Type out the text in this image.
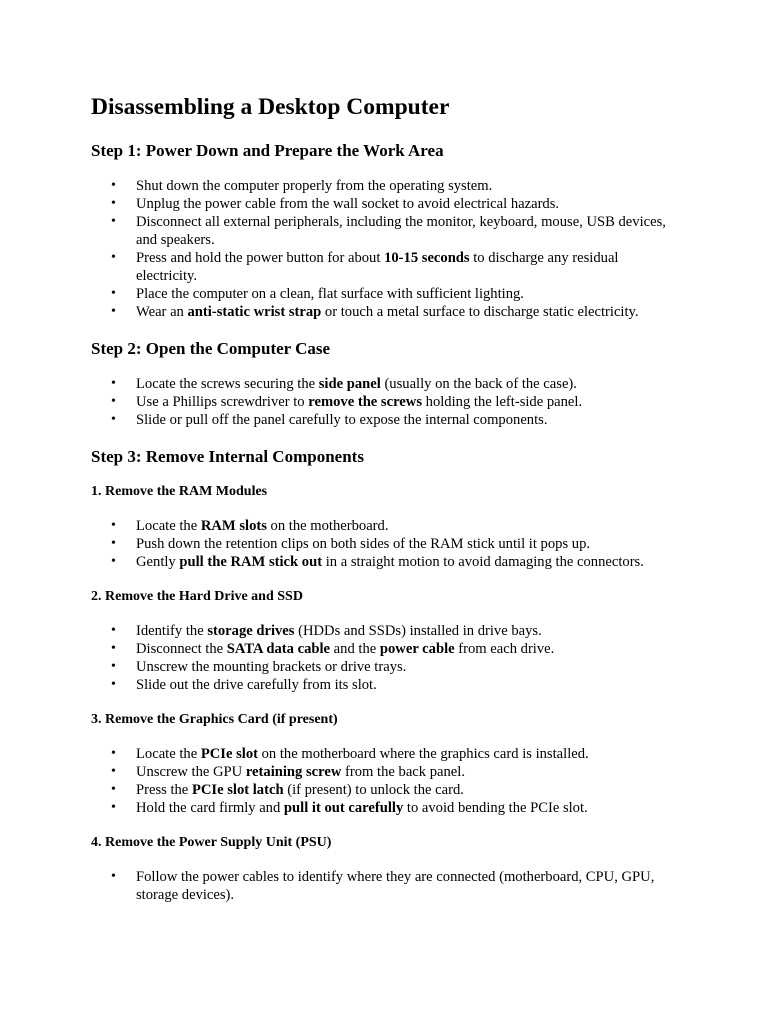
Disassembling a Desktop Computer
Step 1: Power Down and Prepare the Work Area
• Shut down the computer properly from the operating system.
• Unplug the power cable from the wall socket to avoid electrical hazards.
• Disconnect all external peripherals, including the monitor, keyboard, mouse, USB devices, and speakers.
• Press and hold the power button for about 10-15 seconds to discharge any residual electricity.
• Place the computer on a clean, flat surface with sufficient lighting.
• Wear an anti-static wrist strap or touch a metal surface to discharge static electricity.
Step 2: Open the Computer Case
• Locate the screws securing the side panel (usually on the back of the case).
• Use a Phillips screwdriver to remove the screws holding the left-side panel.
• Slide or pull off the panel carefully to expose the internal components.
Step 3: Remove Internal Components
1. Remove the RAM Modules
• Locate the RAM slots on the motherboard.
• Push down the retention clips on both sides of the RAM stick until it pops up.
• Gently pull the RAM stick out in a straight motion to avoid damaging the connectors.
2. Remove the Hard Drive and SSD
• Identify the storage drives (HDDs and SSDs) installed in drive bays.
• Disconnect the SATA data cable and the power cable from each drive.
• Unscrew the mounting brackets or drive trays.
• Slide out the drive carefully from its slot.
3. Remove the Graphics Card (if present)
• Locate the PCIe slot on the motherboard where the graphics card is installed.
• Unscrew the GPU retaining screw from the back panel.
• Press the PCIe slot latch (if present) to unlock the card.
• Hold the card firmly and pull it out carefully to avoid bending the PCIe slot.
4. Remove the Power Supply Unit (PSU)
• Follow the power cables to identify where they are connected (motherboard, CPU, GPU, storage devices).
